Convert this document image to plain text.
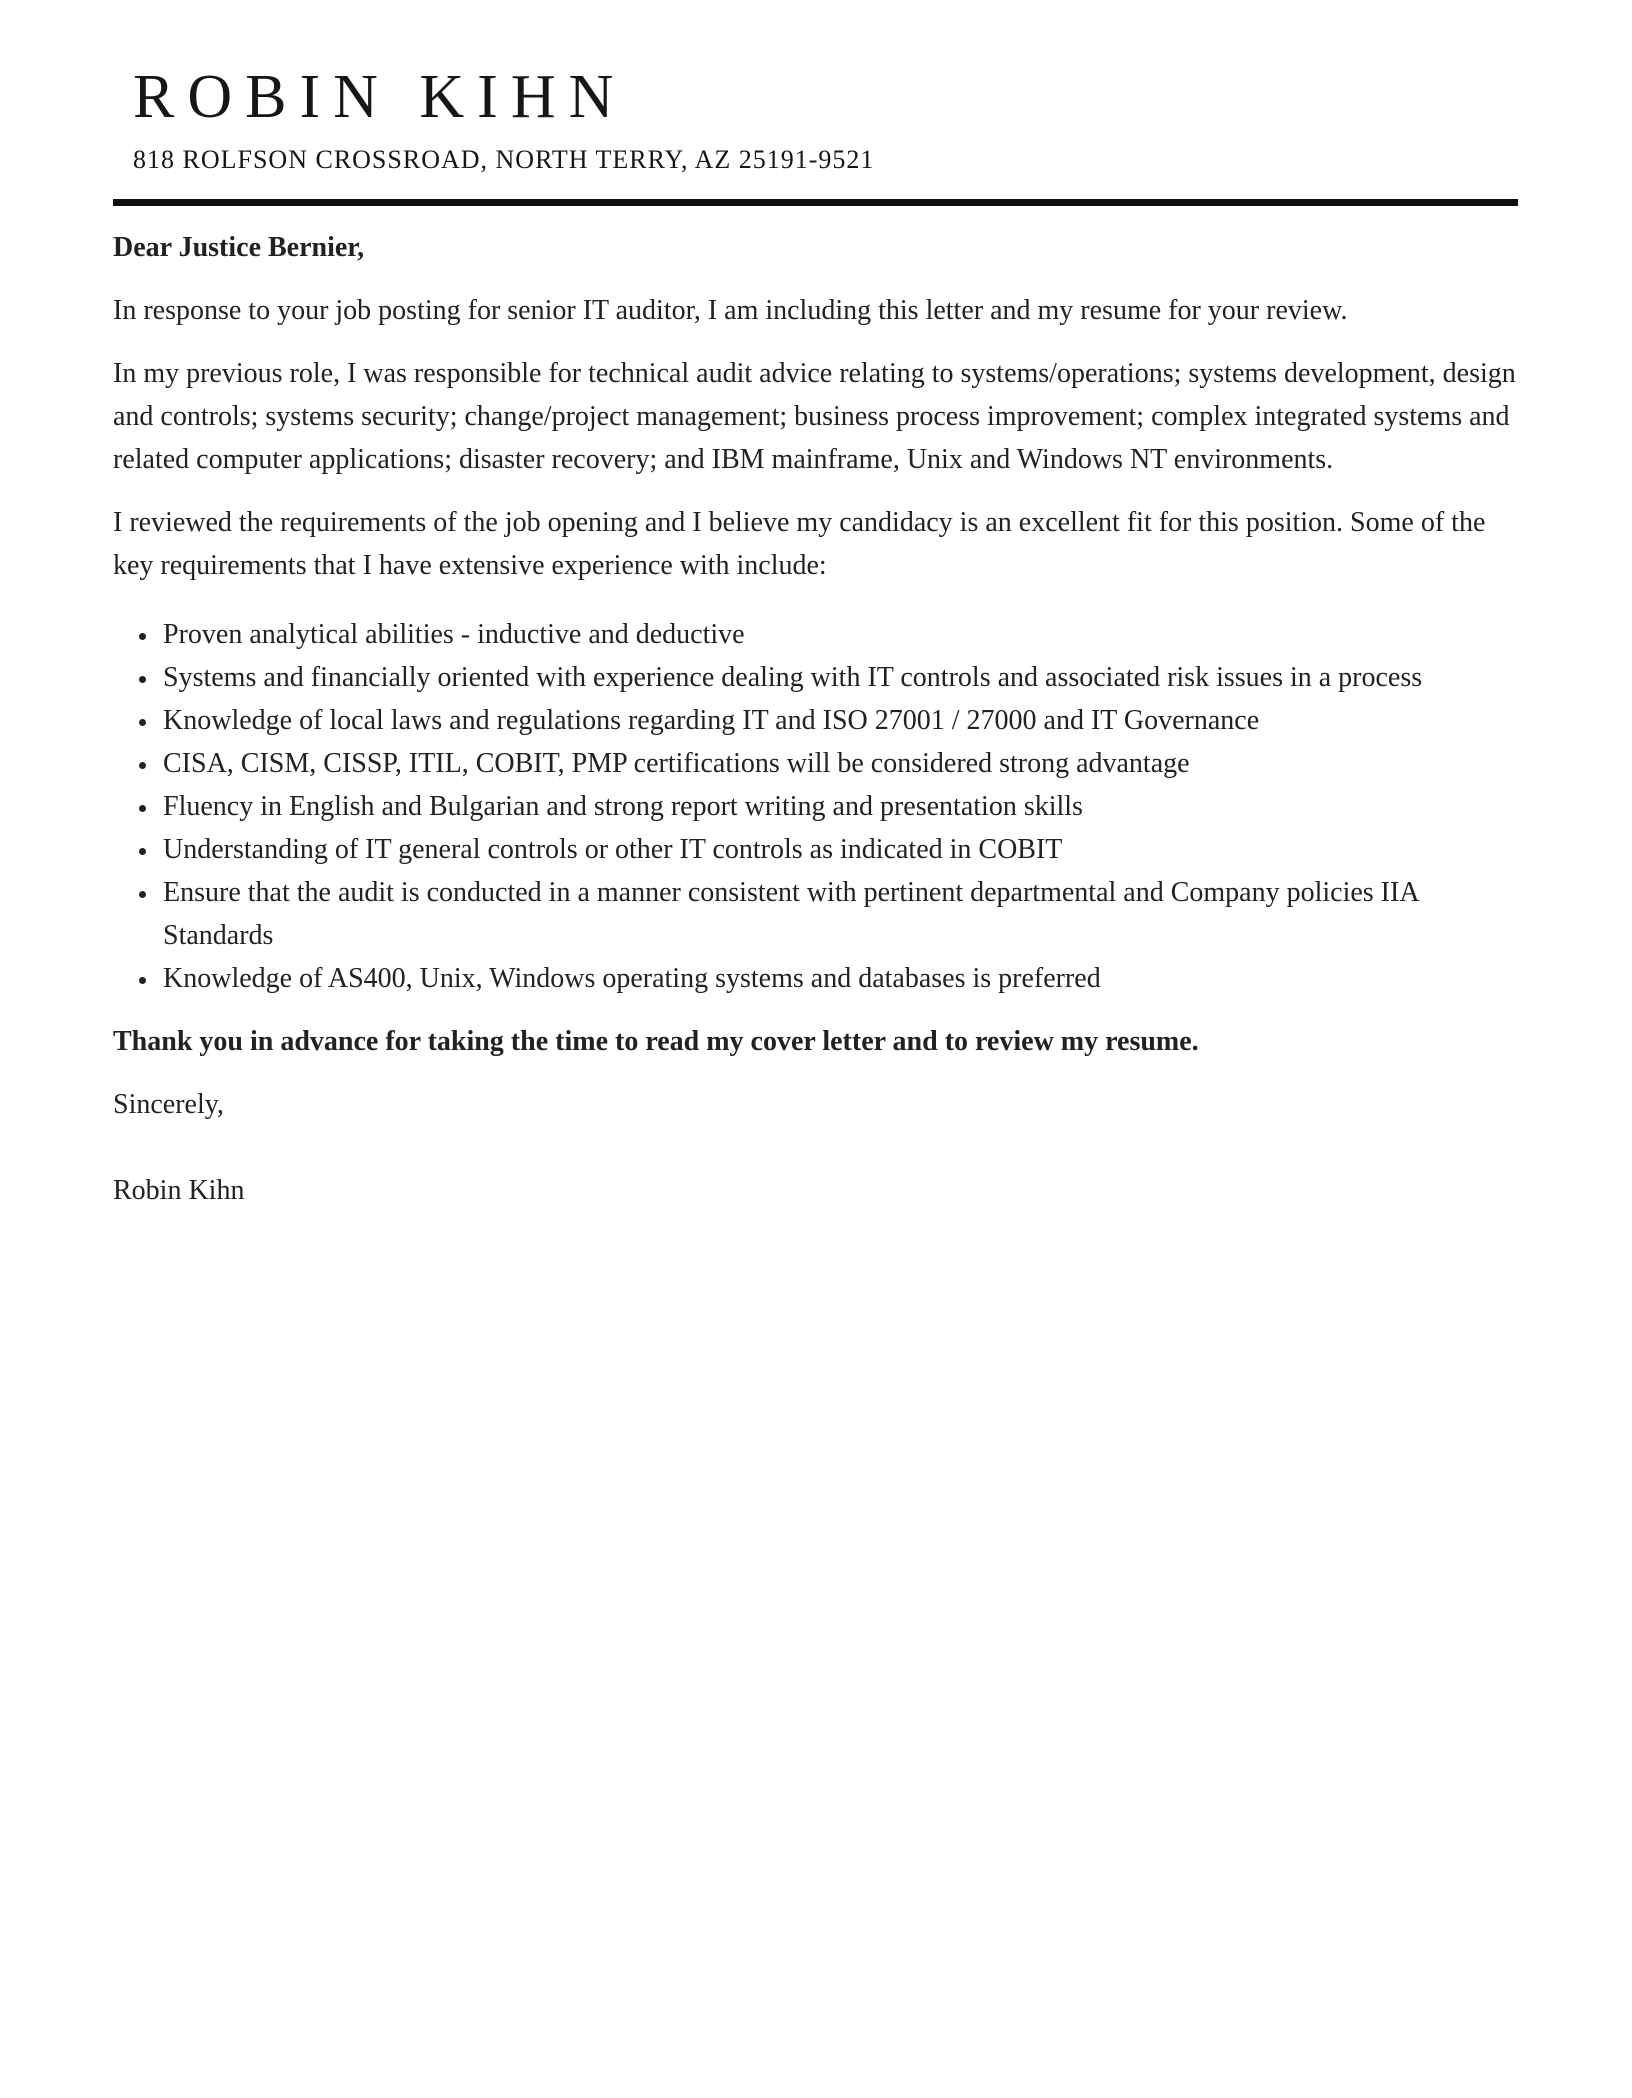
ROBIN KIHN
818 ROLFSON CROSSROAD, NORTH TERRY, AZ 25191-9521

Dear Justice Bernier,

In response to your job posting for senior IT auditor, I am including this letter and my resume for your review.

In my previous role, I was responsible for technical audit advice relating to systems/operations; systems development, design and controls; systems security; change/project management; business process improvement; complex integrated systems and related computer applications; disaster recovery; and IBM mainframe, Unix and Windows NT environments.

I reviewed the requirements of the job opening and I believe my candidacy is an excellent fit for this position. Some of the key requirements that I have extensive experience with include:

• Proven analytical abilities - inductive and deductive
• Systems and financially oriented with experience dealing with IT controls and associated risk issues in a process
• Knowledge of local laws and regulations regarding IT and ISO 27001 / 27000 and IT Governance
• CISA, CISM, CISSP, ITIL, COBIT, PMP certifications will be considered strong advantage
• Fluency in English and Bulgarian and strong report writing and presentation skills
• Understanding of IT general controls or other IT controls as indicated in COBIT
• Ensure that the audit is conducted in a manner consistent with pertinent departmental and Company policies IIA Standards
• Knowledge of AS400, Unix, Windows operating systems and databases is preferred

Thank you in advance for taking the time to read my cover letter and to review my resume.

Sincerely,

Robin Kihn
